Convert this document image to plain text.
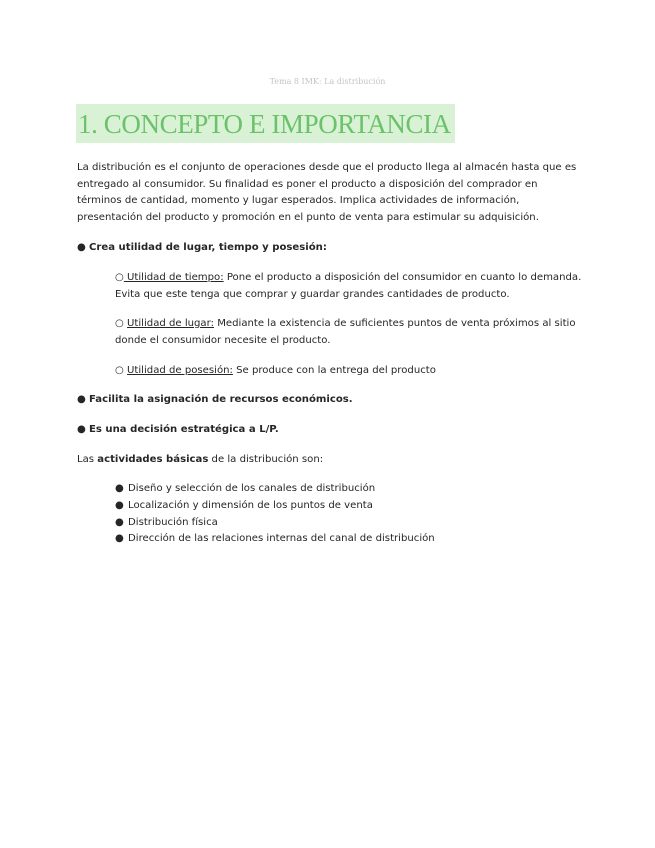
Tema 8 IMK: La distribución
1. CONCEPTO E IMPORTANCIA

La distribución es el conjunto de operaciones desde que el producto llega al almacén hasta que es entregado al consumidor. Su finalidad es poner el producto a disposición del comprador en términos de cantidad, momento y lugar esperados. Implica actividades de información, presentación del producto y promoción en el punto de venta para estimular su adquisición.

● Crea utilidad de lugar, tiempo y posesión:
○ Utilidad de tiempo: Pone el producto a disposición del consumidor en cuanto lo demanda. Evita que este tenga que comprar y guardar grandes cantidades de producto.
○ Utilidad de lugar: Mediante la existencia de suficientes puntos de venta próximos al sitio donde el consumidor necesite el producto.
○ Utilidad de posesión: Se produce con la entrega del producto
● Facilita la asignación de recursos económicos.
● Es una decisión estratégica a L/P.
Las actividades básicas de la distribución son:
● Diseño y selección de los canales de distribución
● Localización y dimensión de los puntos de venta
● Distribución física
● Dirección de las relaciones internas del canal de distribución
